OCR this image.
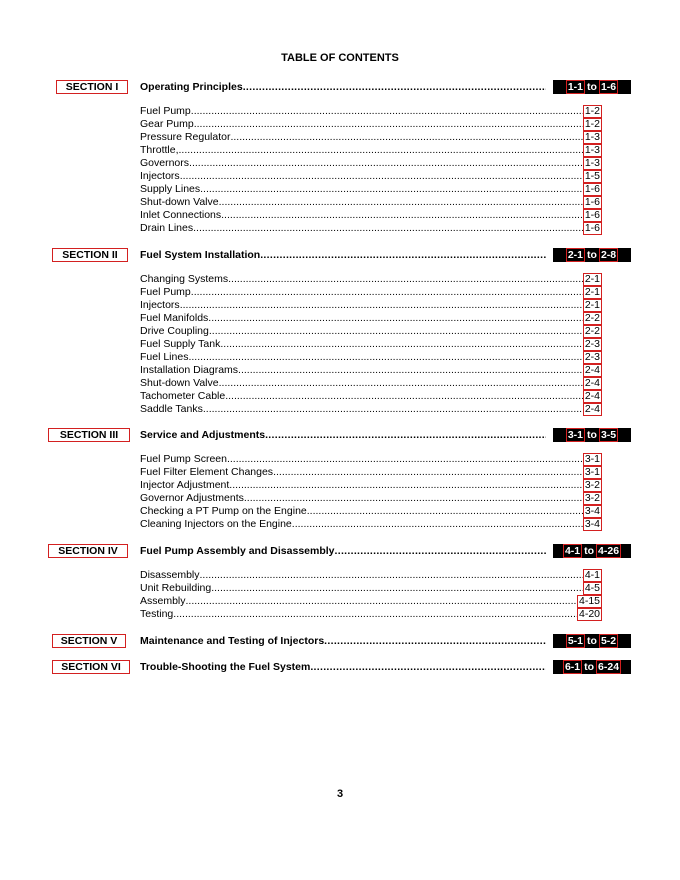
TABLE OF CONTENTS
SECTION I	Operating Principles .....	1-1 to 1-6
Fuel Pump .....	1-2
Gear Pump .....	1-2
Pressure Regulator .....	1-3
Throttle, .....	1-3
Governors .....	1-3
Injectors .....	1-5
Supply Lines .....	1-6
Shut-down Valve .....	1-6
Inlet Connections .....	1-6
Drain Lines .....	1-6
SECTION II	Fuel System Installation .....	2-1 to 2-8
Changing Systems .....	2-1
Fuel Pump .....	2-1
Injectors .....	2-1
Fuel Manifolds .....	2-2
Drive Coupling .....	2-2
Fuel Supply Tank .....	2-3
Fuel Lines .....	2-3
Installation Diagrams .....	2-4
Shut-down Valve .....	2-4
Tachometer Cable .....	2-4
Saddle Tanks .....	2-4
SECTION III	Service and Adjustments .....	3-1 to 3-5
Fuel Pump Screen .....	3-1
Fuel Filter Element Changes .....	3-1
Injector Adjustment. .....	3-2
Governor Adjustments .....	3-2
Checking a PT Pump on the Engine .....	3-4
Cleaning Injectors on the Engine .....	3-4
SECTION IV	Fuel Pump Assembly and Disassembly .....	4-1 to 4-26
Disassembly .....	4-1
Unit Rebuilding .....	4-5
Assembly .....	4-15
Testing .....	4-20
SECTION V	Maintenance and Testing of Injectors .....	5-1 to 5-2
SECTION VI	Trouble-Shooting the Fuel System .....	6-1 to 6-24
3
